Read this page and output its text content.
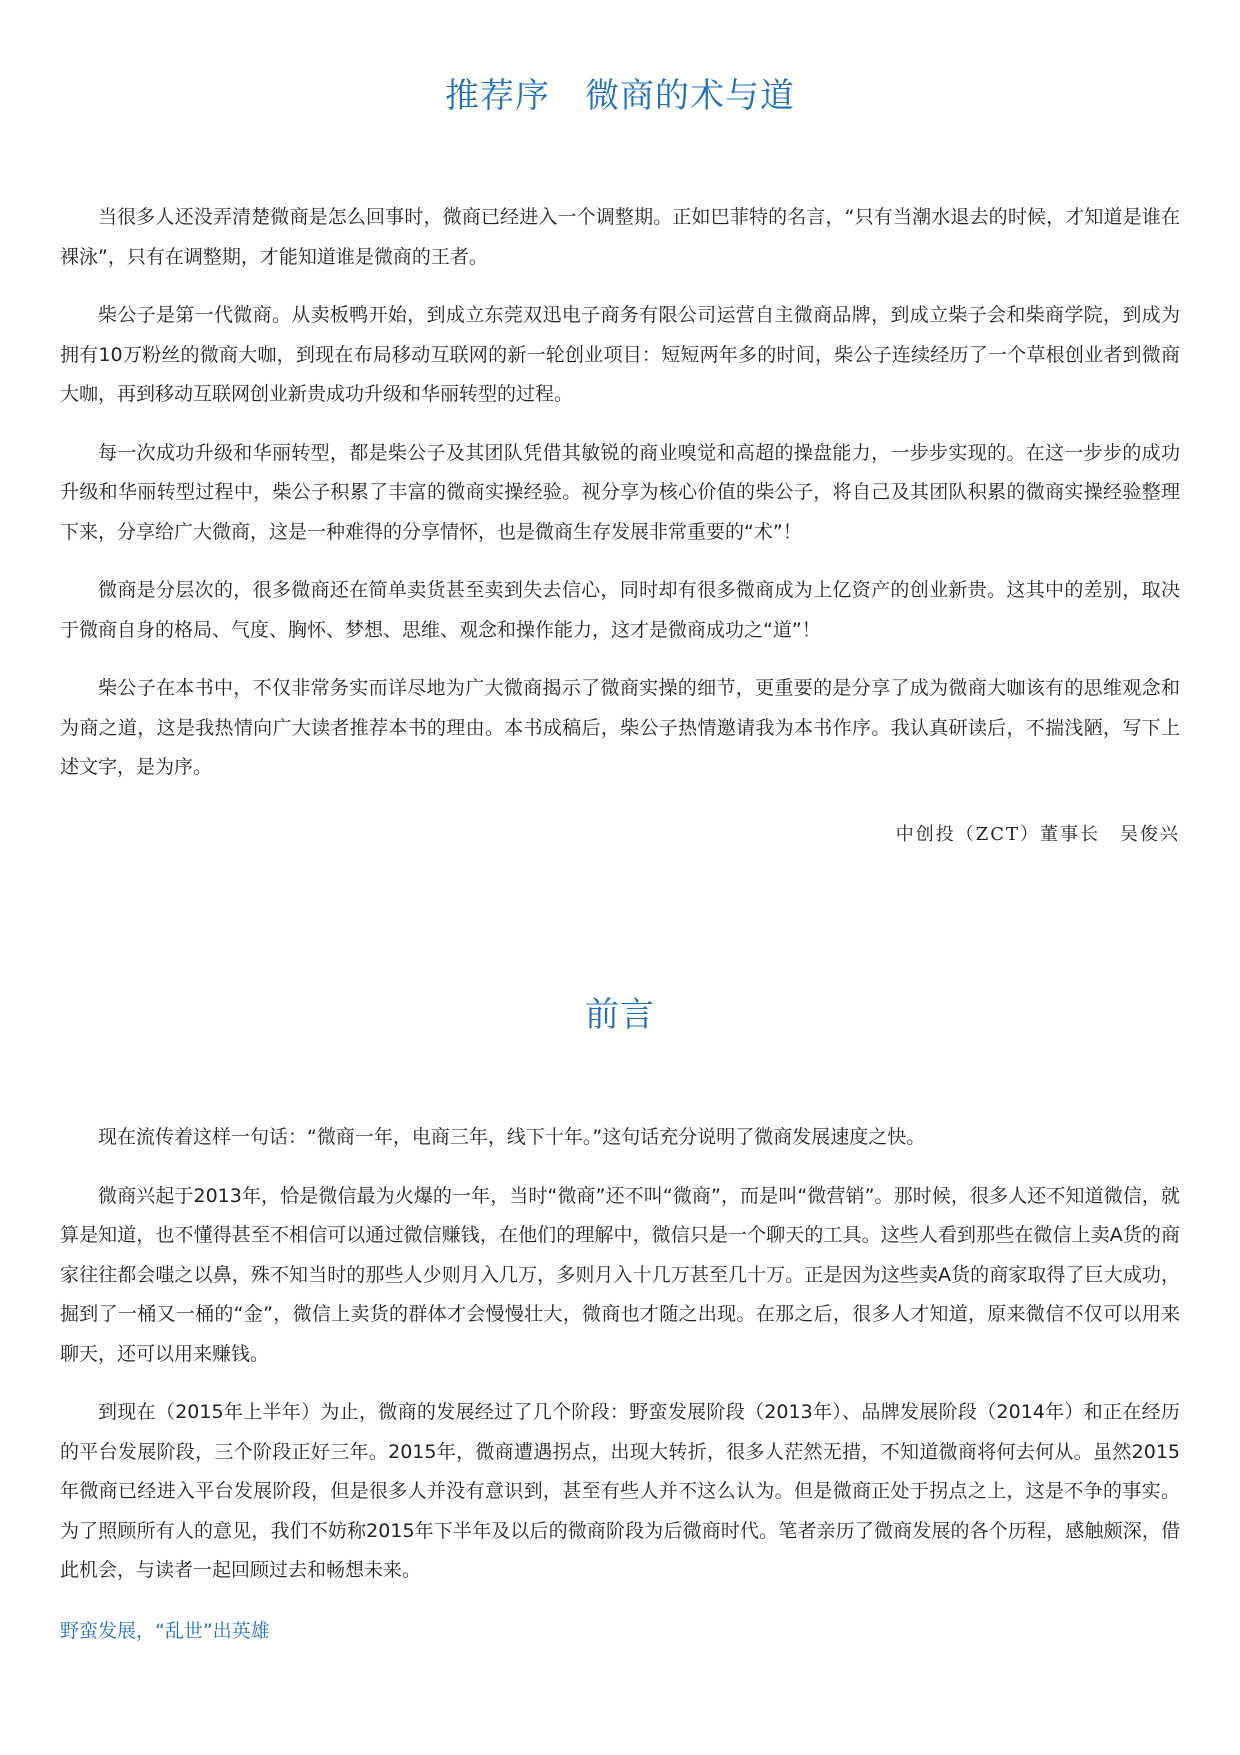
推荐序　微商的术与道

当很多人还没弄清楚微商是怎么回事时，微商已经进入一个调整期。正如巴菲特的名言，“只有当潮水退去的时候，才知道是谁在裸泳”，只有在调整期，才能知道谁是微商的王者。

柴公子是第一代微商。从卖板鸭开始，到成立东莞双迅电子商务有限公司运营自主微商品牌，到成立柴子会和柴商学院，到成为拥有10万粉丝的微商大咖，到现在布局移动互联网的新一轮创业项目：短短两年多的时间，柴公子连续经历了一个草根创业者到微商大咖，再到移动互联网创业新贵成功升级和华丽转型的过程。

每一次成功升级和华丽转型，都是柴公子及其团队凭借其敏锐的商业嗅觉和高超的操盘能力，一步步实现的。在这一步步的成功升级和华丽转型过程中，柴公子积累了丰富的微商实操经验。视分享为核心价值的柴公子，将自己及其团队积累的微商实操经验整理下来，分享给广大微商，这是一种难得的分享情怀，也是微商生存发展非常重要的“术”！

微商是分层次的，很多微商还在简单卖货甚至卖到失去信心，同时却有很多微商成为上亿资产的创业新贵。这其中的差别，取决于微商自身的格局、气度、胸怀、梦想、思维、观念和操作能力，这才是微商成功之“道”！

柴公子在本书中，不仅非常务实而详尽地为广大微商揭示了微商实操的细节，更重要的是分享了成为微商大咖该有的思维观念和为商之道，这是我热情向广大读者推荐本书的理由。本书成稿后，柴公子热情邀请我为本书作序。我认真研读后，不揣浅陋，写下上述文字，是为序。

中创投（ZCT）董事长　吴俊兴
前言

现在流传着这样一句话：“微商一年，电商三年，线下十年。”这句话充分说明了微商发展速度之快。

微商兴起于2013年，恰是微信最为火爆的一年，当时“微商”还不叫“微商”，而是叫“微营销”。那时候，很多人还不知道微信，就算是知道，也不懂得甚至不相信可以通过微信赚钱，在他们的理解中，微信只是一个聊天的工具。这些人看到那些在微信上卖A货的商家往往都会嗤之以鼻，殊不知当时的那些人少则月入几万，多则月入十几万甚至几十万。正是因为这些卖A货的商家取得了巨大成功，掘到了一桶又一桶的“金”，微信上卖货的群体才会慢慢壮大，微商也才随之出现。在那之后，很多人才知道，原来微信不仅可以用来聊天，还可以用来赚钱。

到现在（2015年上半年）为止，微商的发展经过了几个阶段：野蛮发展阶段（2013年）、品牌发展阶段（2014年）和正在经历的平台发展阶段，三个阶段正好三年。2015年，微商遭遇拐点，出现大转折，很多人茫然无措，不知道微商将何去何从。虽然2015年微商已经进入平台发展阶段，但是很多人并没有意识到，甚至有些人并不这么认为。但是微商正处于拐点之上，这是不争的事实。为了照顾所有人的意见，我们不妨称2015年下半年及以后的微商阶段为后微商时代。笔者亲历了微商发展的各个历程，感触颇深，借此机会，与读者一起回顾过去和畅想未来。

野蛮发展，“乱世”出英雄
